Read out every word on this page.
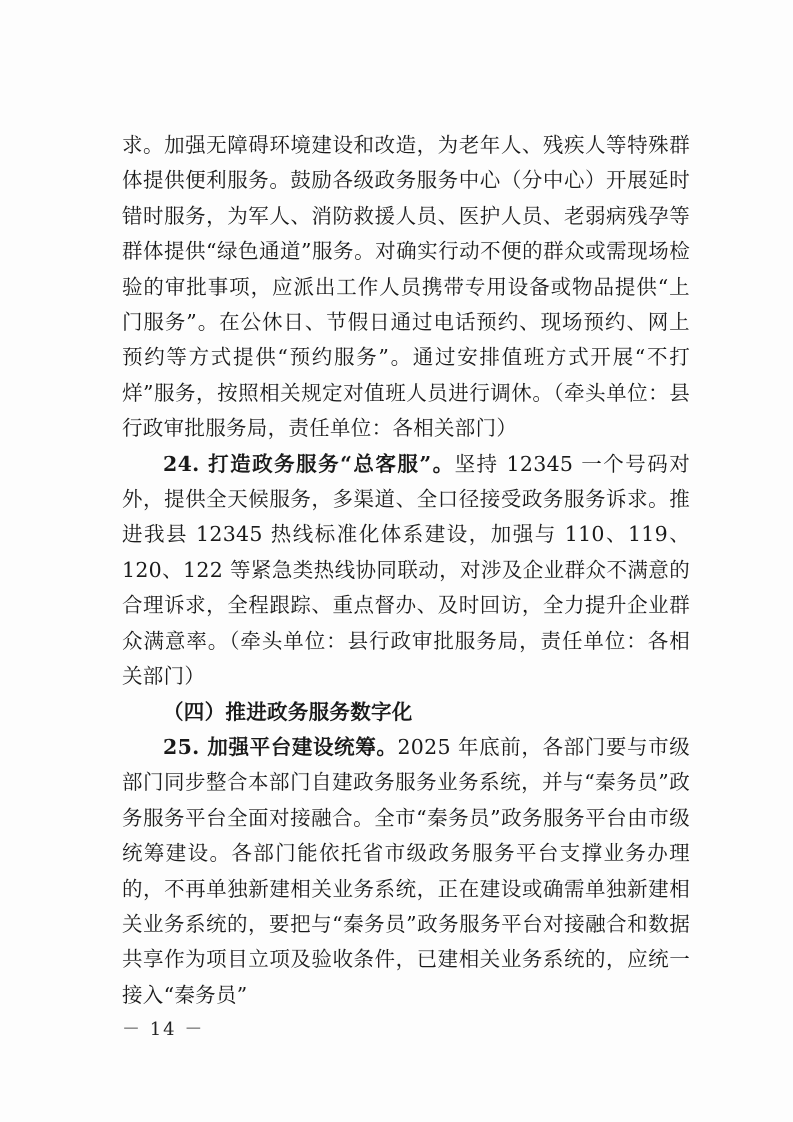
求。加强无障碍环境建设和改造，为老年人、残疾人等特殊群体提供便利服务。鼓励各级政务服务中心（分中心）开展延时错时服务，为军人、消防救援人员、医护人员、老弱病残孕等群体提供“绿色通道”服务。对确实行动不便的群众或需现场检验的审批事项，应派出工作人员携带专用设备或物品提供“上门服务”。在公休日、节假日通过电话预约、现场预约、网上预约等方式提供“预约服务”。通过安排值班方式开展“不打烊”服务，按照相关规定对值班人员进行调休。（牵头单位：县行政审批服务局，责任单位：各相关部门）

24. 打造政务服务“总客服”。坚持 12345 一个号码对外，提供全天候服务，多渠道、全口径接受政务服务诉求。推进我县 12345 热线标准化体系建设，加强与 110、119、120、122 等紧急类热线协同联动，对涉及企业群众不满意的合理诉求，全程跟踪、重点督办、及时回访，全力提升企业群众满意率。（牵头单位：县行政审批服务局，责任单位：各相关部门）

（四）推进政务服务数字化

25. 加强平台建设统筹。2025 年底前，各部门要与市级部门同步整合本部门自建政务服务业务系统，并与“秦务员”政务服务平台全面对接融合。全市“秦务员”政务服务平台由市级统筹建设。各部门能依托省市级政务服务平台支撑业务办理的，不再单独新建相关业务系统，正在建设或确需单独新建相关业务系统的，要把与“秦务员”政务服务平台对接融合和数据共享作为项目立项及验收条件，已建相关业务系统的，应统一接入“秦务员”

－ 14 －
